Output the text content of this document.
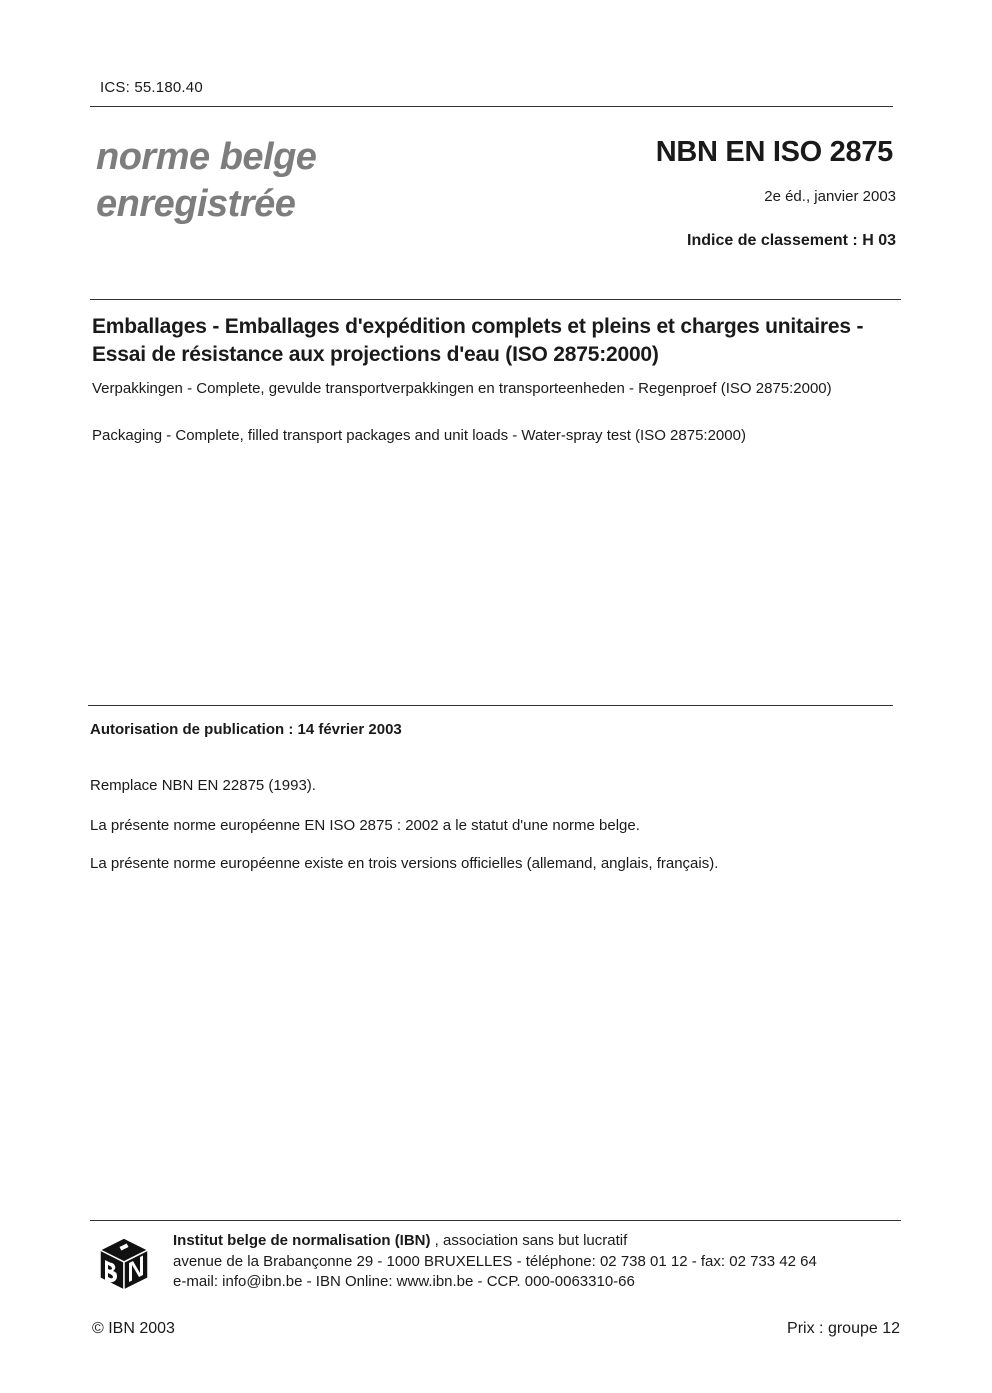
ICS: 55.180.40
norme belge
enregistrée
NBN EN ISO 2875
2e éd., janvier 2003
Indice de classement : H 03
Emballages - Emballages d'expédition complets et pleins et charges unitaires - Essai de résistance aux projections d'eau (ISO 2875:2000)
Verpakkingen - Complete, gevulde transportverpakkingen en transporteenheden - Regenproef (ISO 2875:2000)
Packaging - Complete, filled transport packages and unit loads - Water-spray test (ISO 2875:2000)
Autorisation de publication : 14 février 2003
Remplace NBN EN 22875 (1993).
La présente norme européenne EN ISO 2875 : 2002 a le statut d'une norme belge.
La présente norme européenne existe en trois versions officielles (allemand, anglais, français).
Institut belge de normalisation (IBN) , association sans but lucratif
avenue de la Brabançonne 29 - 1000 BRUXELLES - téléphone: 02 738 01 12 - fax: 02 733 42 64
e-mail: info@ibn.be - IBN Online: www.ibn.be - CCP. 000-0063310-66
© IBN 2003	Prix : groupe 12
